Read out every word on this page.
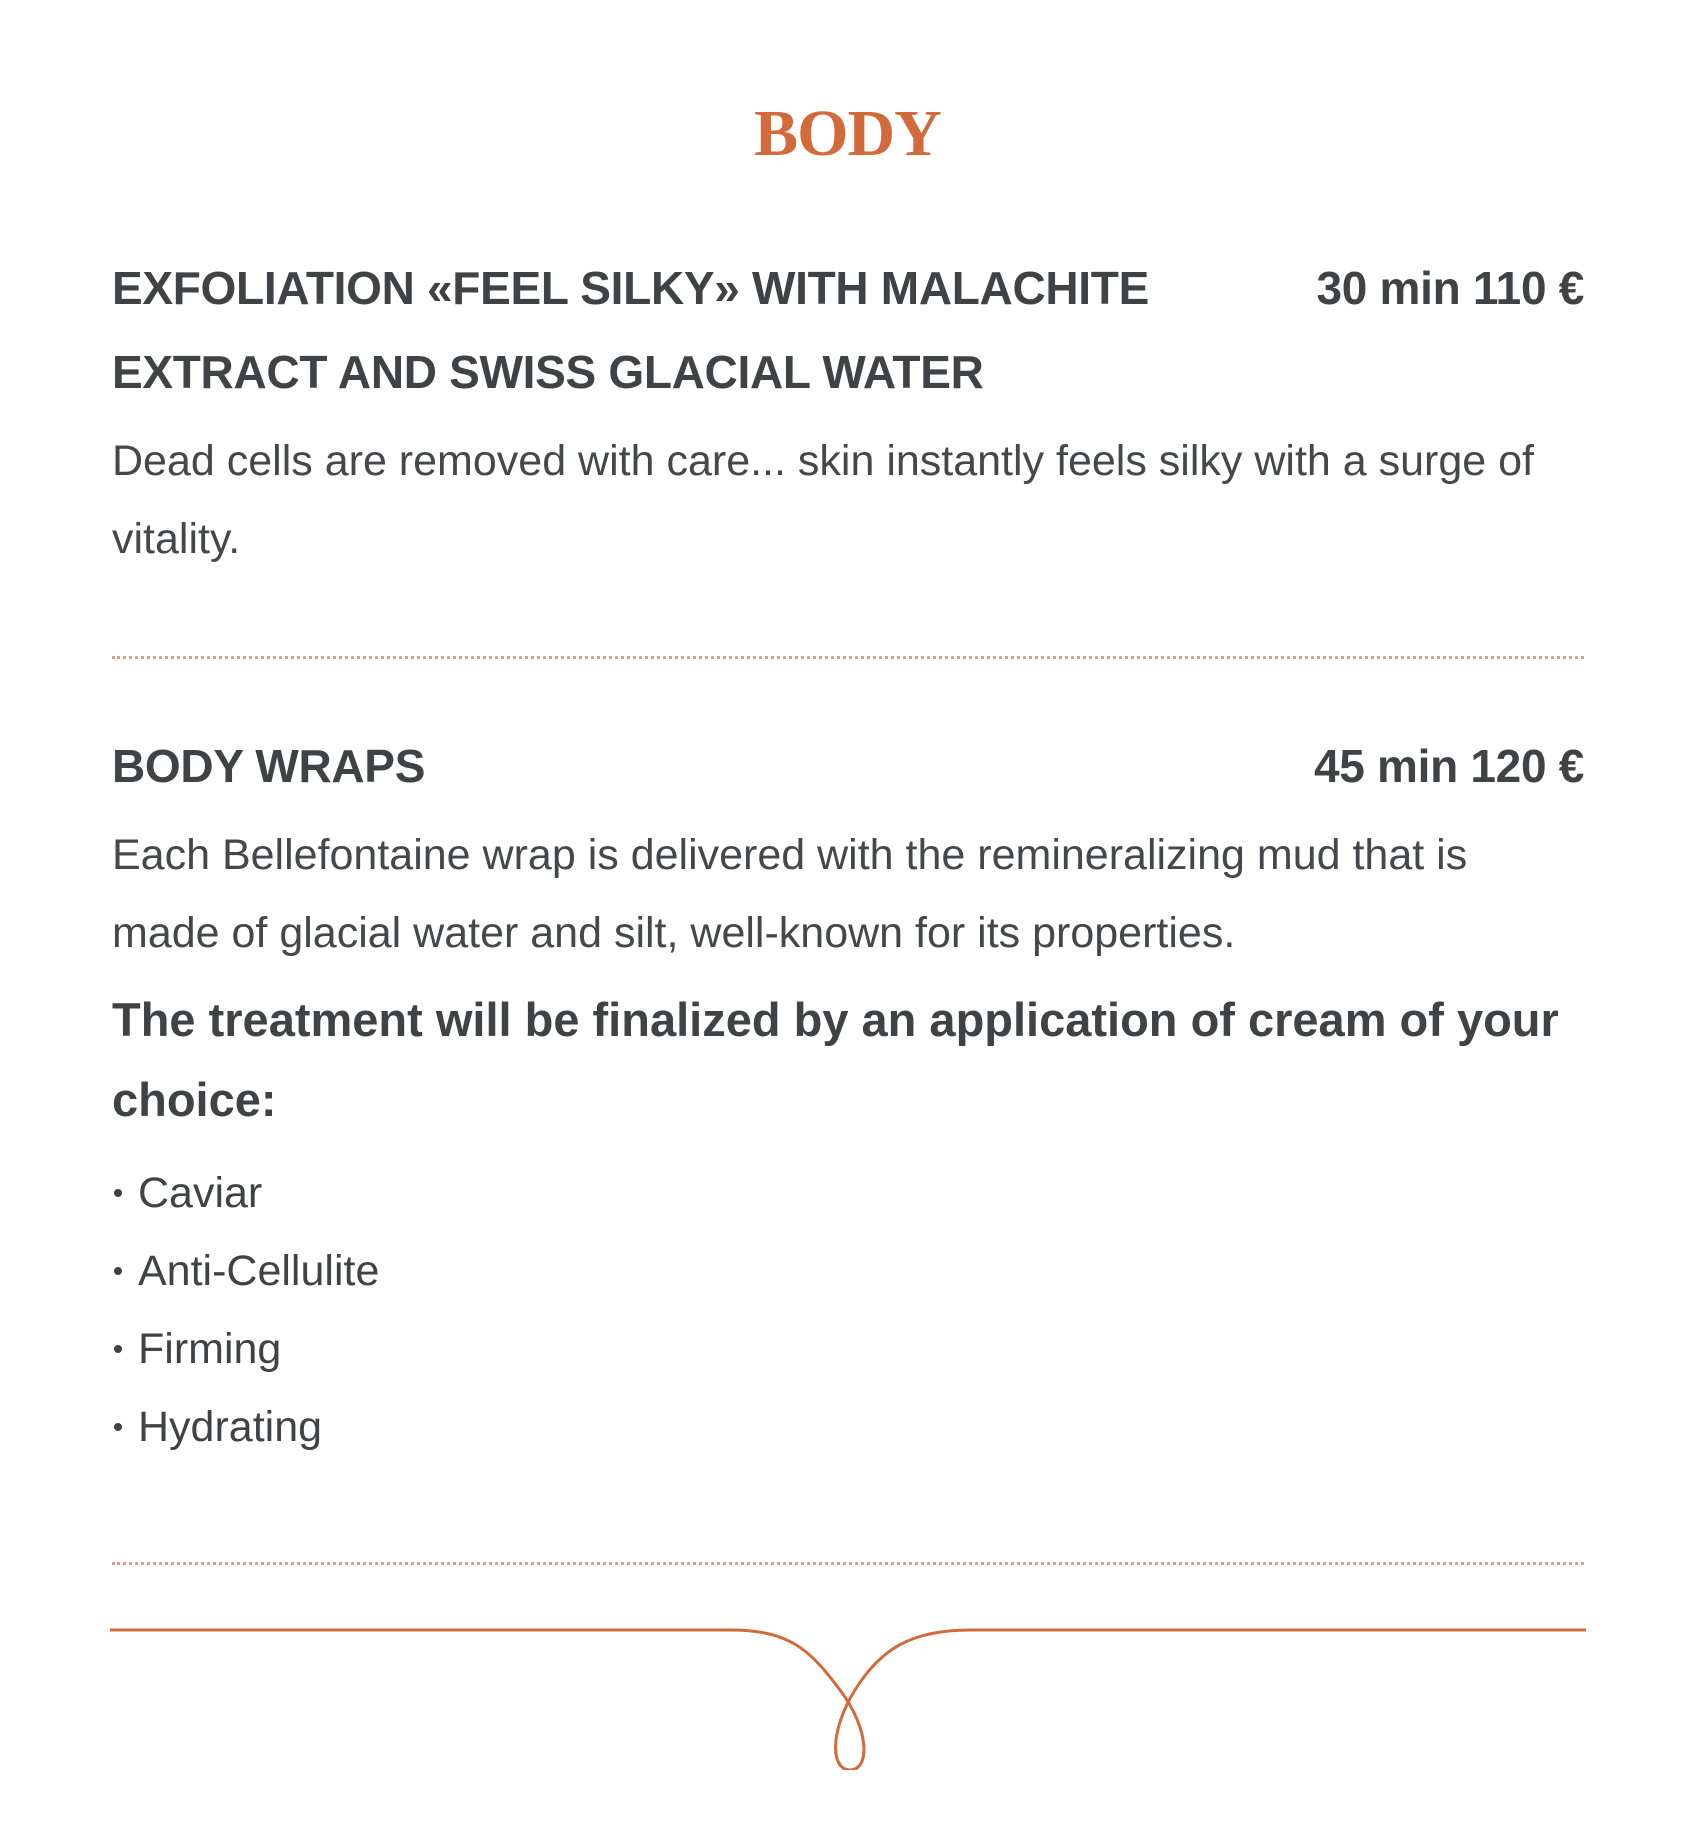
BODY
EXFOLIATION «FEEL SILKY» WITH MALACHITE EXTRACT AND SWISS GLACIAL WATER
30 min 110 €
Dead cells are removed with care... skin instantly feels silky with a surge of vitality.
BODY WRAPS	45 min 120 €
Each Bellefontaine wrap is delivered with the remineralizing mud that is made of glacial water and silt, well-known for its properties.
The treatment will be finalized by an application of cream of your choice:
Caviar
Anti-Cellulite
Firming
Hydrating
